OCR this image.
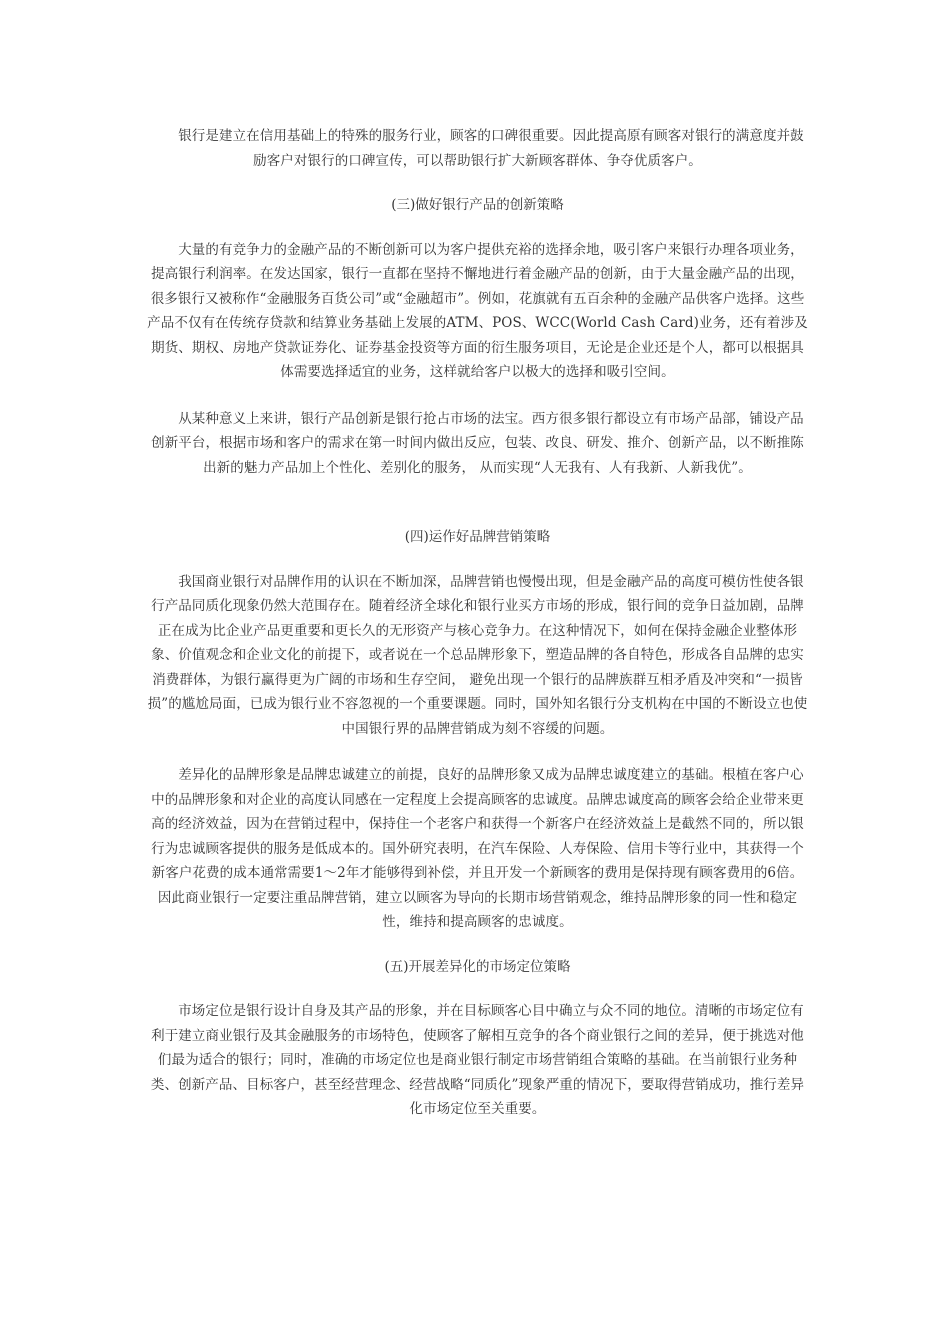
银行是建立在信用基础上的特殊的服务行业，顾客的口碑很重要。因此提高原有顾客对银行的满意度并鼓励客户对银行的口碑宣传，可以帮助银行扩大新顾客群体、争夺优质客户。

(三)做好银行产品的创新策略

大量的有竞争力的金融产品的不断创新可以为客户提供充裕的选择余地，吸引客户来银行办理各项业务，提高银行利润率。在发达国家，银行一直都在坚持不懈地进行着金融产品的创新，由于大量金融产品的出现，很多银行又被称作“金融服务百货公司”或“金融超市”。例如，花旗就有五百余种的金融产品供客户选择。这些产品不仅有在传统存贷款和结算业务基础上发展的ATM、POS、WCC(World Cash Card)业务，还有着涉及期货、期权、房地产贷款证券化、证券基金投资等方面的衍生服务项目，无论是企业还是个人，都可以根据具体需要选择适宜的业务，这样就给客户以极大的选择和吸引空间。

从某种意义上来讲，银行产品创新是银行抢占市场的法宝。西方很多银行都设立有市场产品部，铺设产品创新平台，根据市场和客户的需求在第一时间内做出反应，包装、改良、研发、推介、创新产品，以不断推陈出新的魅力产品加上个性化、差别化的服务， 从而实现“人无我有、人有我新、人新我优”。

(四)运作好品牌营销策略

我国商业银行对品牌作用的认识在不断加深，品牌营销也慢慢出现，但是金融产品的高度可模仿性使各银行产品同质化现象仍然大范围存在。随着经济全球化和银行业买方市场的形成，银行间的竞争日益加剧，品牌正在成为比企业产品更重要和更长久的无形资产与核心竞争力。在这种情况下，如何在保持金融企业整体形象、价值观念和企业文化的前提下，或者说在一个总品牌形象下，塑造品牌的各自特色，形成各自品牌的忠实消费群体，为银行赢得更为广阔的市场和生存空间， 避免出现一个银行的品牌族群互相矛盾及冲突和“一损皆损”的尴尬局面，已成为银行业不容忽视的一个重要课题。同时，国外知名银行分支机构在中国的不断设立也使中国银行界的品牌营销成为刻不容缓的问题。

差异化的品牌形象是品牌忠诚建立的前提，良好的品牌形象又成为品牌忠诚度建立的基础。根植在客户心中的品牌形象和对企业的高度认同感在一定程度上会提高顾客的忠诚度。品牌忠诚度高的顾客会给企业带来更高的经济效益，因为在营销过程中，保持住一个老客户和获得一个新客户在经济效益上是截然不同的，所以银行为忠诚顾客提供的服务是低成本的。国外研究表明，在汽车保险、人寿保险、信用卡等行业中，其获得一个新客户花费的成本通常需要1～2年才能够得到补偿，并且开发一个新顾客的费用是保持现有顾客费用的6倍。因此商业银行一定要注重品牌营销，建立以顾客为导向的长期市场营销观念，维持品牌形象的同一性和稳定性，维持和提高顾客的忠诚度。

(五)开展差异化的市场定位策略

市场定位是银行设计自身及其产品的形象，并在目标顾客心目中确立与众不同的地位。清晰的市场定位有利于建立商业银行及其金融服务的市场特色，使顾客了解相互竞争的各个商业银行之间的差异，便于挑选对他们最为适合的银行；同时，准确的市场定位也是商业银行制定市场营销组合策略的基础。在当前银行业务种类、创新产品、目标客户，甚至经营理念、经营战略“同质化”现象严重的情况下，要取得营销成功，推行差异化市场定位至关重要。
